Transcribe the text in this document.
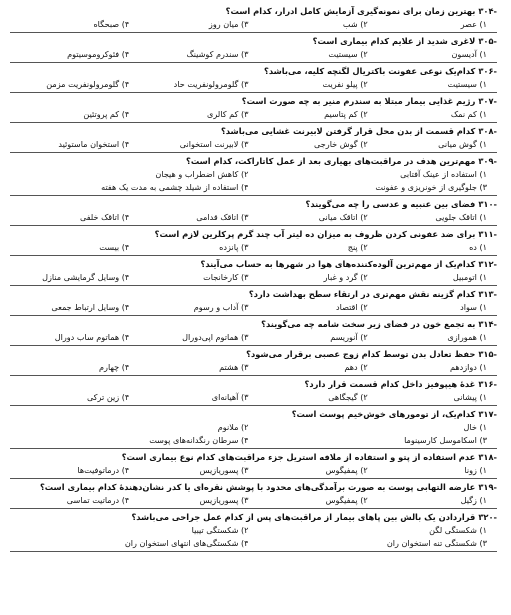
-۳۰۴بهترین زمان برای نمونه‌گیری آزمایش کامل ادرار، کدام است؟
۱) عصر
۲) شب
۳) میان روز
۴) صبحگاه
-۳۰۵لاغری شدید از علایم کدام بیماری است؟
۱) آدیسون
۲) سیستیت
۳) سندرم کوشینگ
۴) فئوکروموسیتوم
-۳۰۶کدام‌یک نوعی عفونت باکتریال لگنچه کلیه، می‌باشد؟
۱) سیستیت
۲) پیلو نفریت
۳) گلومرولونفریت حاد
۴) گلومرولونفریت مزمن
-۳۰۷رژیم غذایی بیمار مبتلا به سندرم منیر به چه صورت است؟
۱) کم نمک
۲) کم پتاسیم
۳) کم کالری
۴) کم پروتئین
-۳۰۸کدام قسمت از بدن محل قرار گرفتن لابیرنت غشایی می‌باشد؟
۱) گوش میانی
۲) گوش خارجی
۳) لابیرنت استخوانی
۴) استخوان ماستوئید
-۳۰۹مهم‌ترین هدف در مراقبت‌های بهیاری بعد از عمل کاتاراکت، کدام است؟
۱) استفاده از عینک آفتابی
۲) کاهش اضطراب و هیجان
۳) جلوگیری از خونریزی و عفونت
۴) استفاده از شیلد چشمی به مدت یک هفته
-۳۱۰فضای بین عنبیه و عدسی را چه می‌گویند؟
۱) اتاقک جلویی
۲) اتاقک میانی
۳) اتاقک قدامی
۴) اتاقک خلفی
-۳۱۱برای ضد عفونی کردن ظروف به میزان ده لیتر آب چند گرم پرکلرین لازم است؟
۱) ده
۲) پنج
۳) پانزده
۴) بیست
-۳۱۲کدام‌یک از مهم‌ترین آلوده‌کننده‌های هوا در شهرها به حساب می‌آیند؟
۱) اتومبیل
۲) گرد و غبار
۳) کارخانجات
۴) وسایل گرمایشی منازل
-۳۱۳کدام گزینه نقش مهم‌تری در ارتقاء سطح بهداشت دارد؟
۱) سواد
۲) اقتصاد
۳) آداب و رسوم
۴) وسایل ارتباط جمعی
-۳۱۴به تجمع خون در فضای زیر سخت شامه چه می‌گویند؟
۱) همورازی
۲) آنوریسم
۳) هماتوم اپی‌دورال
۴) هماتوم ساب دورال
-۳۱۵حفظ تعادل بدن توسط کدام زوج عصبی برقرار می‌شود؟
۱) دوازدهم
۲) دهم
۳) هشتم
۴) چهارم
-۳۱۶غدۀ هیپوفیز داخل کدام قسمت قرار دارد؟
۱) پیشانی
۲) گیجگاهی
۳) آهیانه‌ای
۴) زین ترکی
-۳۱۷کدام‌یک، از تومورهای خوش‌خیم پوست است؟
۱) خال
۲) ملانوم
۳) اسکاموسل کارسینوما
۴) سرطان رنگدانه‌های پوست
-۳۱۸عدم استفاده از پتو و استفاده از ملافه استریل جزء مراقبت‌های کدام نوع بیماری است؟
۱) زونا
۲) پمفیگوس
۳) پسوریازیس
۴) درماتوفیت‌ها
-۳۱۹عارضه التهابی پوست به صورت برآمدگی‌های محدود با پوشش نقره‌ای یا کدر نشان‌دهندۀ کدام بیماری است؟
۱) زگیل
۲) پمفیگوس
۳) پسوریازیس
۴) درماتیت تماسی
-۳۲۰قراردادن یک بالش بین پاهای بیمار از مراقبت‌های پس از کدام عمل جراحی می‌باشد؟
۱) شکستگی لگن
۲) شکستگی تیبیا
۳) شکستگی تنه استخوان ران
۴) شکستگی‌های انتهای استخوان ران
